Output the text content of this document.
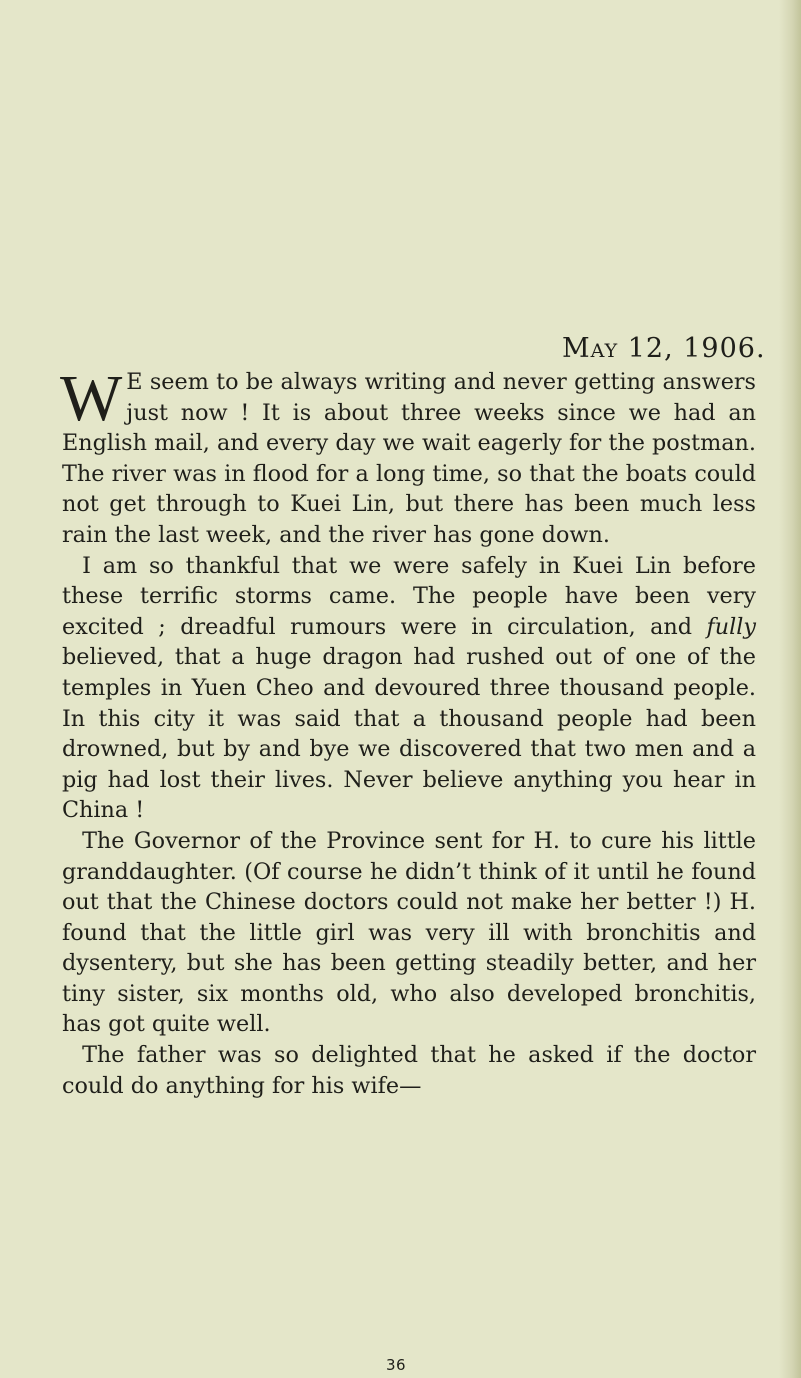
May 12, 1906.

W E seem to be always writing and never getting answers just now ! It is about three weeks since we had an English mail, and every day we wait eagerly for the postman. The river was in flood for a long time, so that the boats could not get through to Kuei Lin, but there has been much less rain the last week, and the river has gone down.

I am so thankful that we were safely in Kuei Lin before these terrific storms came. The people have been very excited ; dreadful rumours were in circulation, and fully believed, that a huge dragon had rushed out of one of the temples in Yuen Cheo and devoured three thousand people. In this city it was said that a thousand people had been drowned, but by and bye we discovered that two men and a pig had lost their lives. Never believe anything you hear in China !

The Governor of the Province sent for H. to cure his little granddaughter. (Of course he didn’t think of it until he found out that the Chinese doctors could not make her better !) H. found that the little girl was very ill with bronchitis and dysentery, but she has been getting steadily better, and her tiny sister, six months old, who also developed bronchitis, has got quite well.

The father was so delighted that he asked if the doctor could do anything for his wife—

36
